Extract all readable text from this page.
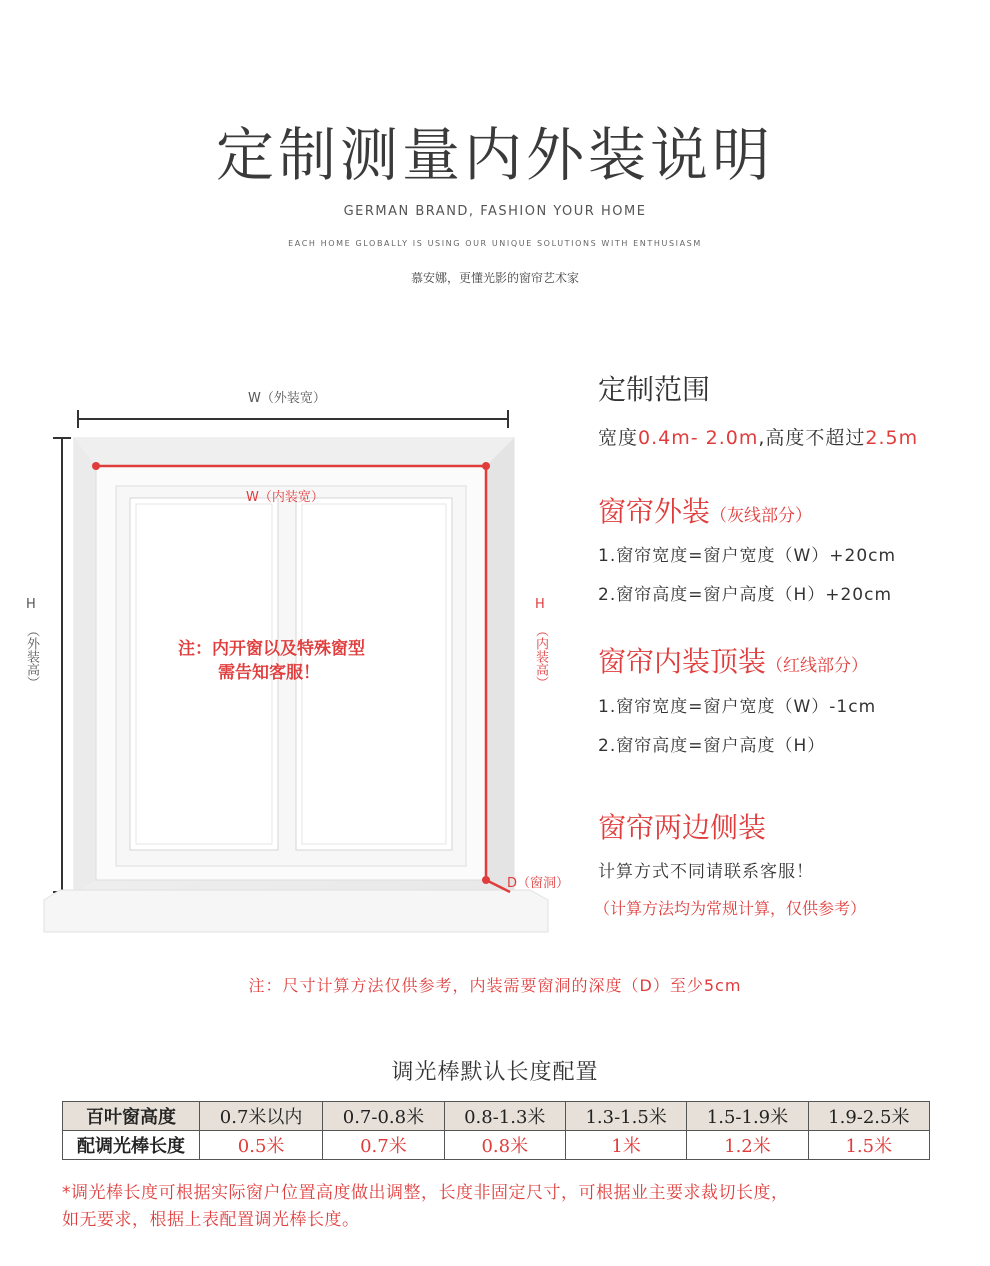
定制测量内外装说明
GERMAN BRAND, FASHION YOUR HOME
EACH HOME GLOBALLY IS USING OUR UNIQUE SOLUTIONS WITH ENTHUSIASM
慕安娜，更懂光影的窗帘艺术家
W（外装宽）
W（内装宽）
H
（外装高）
H
（内装高）
D（窗洞）
注：内开窗以及特殊窗型
需告知客服！
定制范围
宽度0.4m- 2.0m,高度不超过2.5m
窗帘外装（灰线部分）
1.窗帘宽度=窗户宽度（W）+20cm
2.窗帘高度=窗户高度（H）+20cm
窗帘内装顶装（红线部分）
1.窗帘宽度=窗户宽度（W）-1cm
2.窗帘高度=窗户高度（H）
窗帘两边侧装
计算方式不同请联系客服！
（计算方法均为常规计算，仅供参考）
注：尺寸计算方法仅供参考，内装需要窗洞的深度（D）至少5cm
调光棒默认长度配置
百叶窗高度	0.7米以内	0.7-0.8米	0.8-1.3米	1.3-1.5米	1.5-1.9米	1.9-2.5米
配调光棒长度	0.5米	0.7米	0.8米	1米	1.2米	1.5米
*调光棒长度可根据实际窗户位置高度做出调整，长度非固定尺寸，可根据业主要求裁切长度，
如无要求，根据上表配置调光棒长度。
